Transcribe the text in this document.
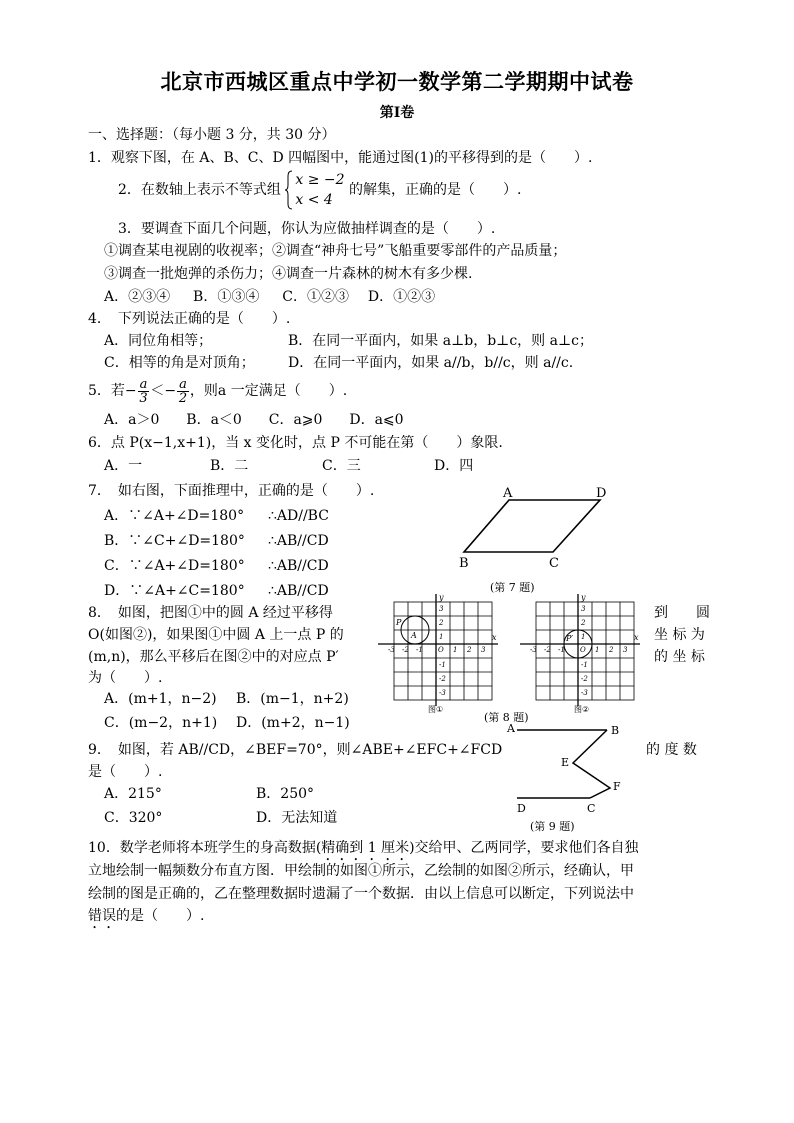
北京市西城区重点中学初一数学第二学期期中试卷
第I卷
一、选择题：（每小题 3 分，共 30 分）
1．观察下图，在 A、B、C、D 四幅图中，能通过图(1)的平移得到的是（　　）.
2．在数轴上表示不等式组
x ≥ −2
x < 4
的解集，正确的是（　　）.
3．要调查下面几个问题，你认为应做抽样调查的是（　　）.
①调查某电视剧的收视率；②调查“神舟七号”飞船重要零部件的产品质量；
③调查一批炮弹的杀伤力；④调查一片森林的树木有多少棵.
A．②③④ B．①③④ C．①②③ D．①②③
4．　下列说法正确的是（　　）.
A．同位角相等；	B．在同一平面内，如果 a⊥b，b⊥c，则 a⊥c；
C．相等的角是对顶角； D．在同一平面内，如果 a//b，b//c，则 a//c.
5．若− $\frac{a}{3} <- \frac{a}{2}$ ，则a 一定满足（　　）.
A．a＞0 B．a＜0 C．a⩾0 D．a⩽0
6．点 P(x−1,x+1)，当 x 变化时，点 P 不可能在第（　　）象限.
A．一	B．二	C．三	D．四
7．　如右图，下面推理中，正确的是（　　）.
A．∵∠A+∠D=180° ∴AD//BC
B．∵∠C+∠D=180° ∴AB//CD
C．∵∠A+∠D=180° ∴AB//CD
D．∵∠A+∠C=180° ∴AB//CD
A	D
B	C
(第 7 题)
8．　如图，把图①中的圆 A 经过平移得
O(如图②)，如果图①中圆 A 上一点 P 的
(m,n)，那么平移后在图②中的对应点 P′
为（　　）.
到　　圆
坐 标 为
的 坐 标
A．(m+1，n−2) B．(m−1，n+2)
C．(m−2，n+1) D．(m+2，n−1)
P
A	x
y
-3 -2 -1 O 1 2 3
3
2
1
-1
-2
-3
图①
P′	x
y
-3 -2 -1 O 1 2 3
3
2
1
-1
-2
-3
图②
(第 8 题)
9．　如图，若 AB//CD，∠BEF=70°，则∠ABE+∠EFC+∠FCD	的 度 数
是（　　）.
A．215°	B．250°
C．320°	D．无法知道
A	B
E
F
D	C
(第 9 题)
10．数学老师将本班学生的身高数据(精确到 1 厘米)交给甲、乙两同学，要求他们各自独
立地绘制一幅频数分布直方图．甲绘制的如图①所示，乙绘制的如图②所示，经确认，甲
绘制的图是正确的，乙在整理数据时遗漏了一个数据．由以上信息可以断定，下列说法中
错误的是（　　）.
